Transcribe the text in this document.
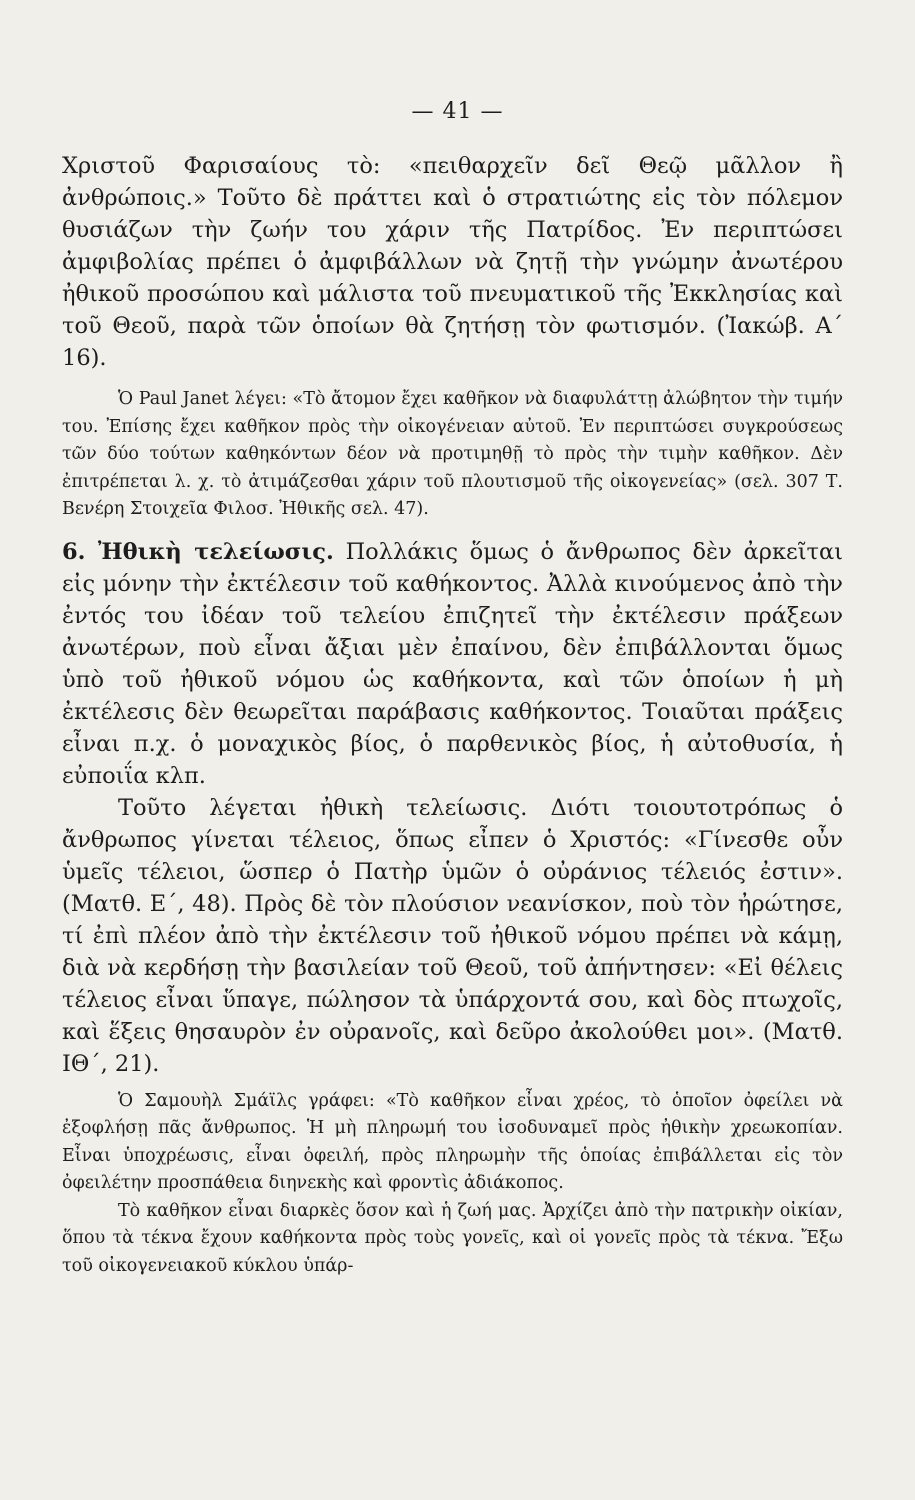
— 41 —

Χριστοῦ Φαρισαίους τὸ: «πειθαρχεῖν δεῖ Θεῷ μᾶλλον ἢ ἀνθρώποις.» Τοῦτο δὲ πράττει καὶ ὁ στρατιώτης εἰς τὸν πόλεμον θυσιάζων τὴν ζωήν του χάριν τῆς Πατρίδος. Ἐν περιπτώσει ἀμφιβολίας πρέπει ὁ ἀμφιβάλλων νὰ ζητῇ τὴν γνώμην ἀνωτέρου ἠθικοῦ προσώπου καὶ μάλιστα τοῦ πνευματικοῦ τῆς Ἐκκλησίας καὶ τοῦ Θεοῦ, παρὰ τῶν ὁποίων θὰ ζητήσῃ τὸν φωτισμόν. (Ἰακώβ. Α΄ 16).

Ὁ Paul Janet λέγει: «Τὸ ἄτομον ἔχει καθῆκον νὰ διαφυλάττῃ ἀλώβητον τὴν τιμήν του. Ἐπίσης ἔχει καθῆκον πρὸς τὴν οἰκογένειαν αὐτοῦ. Ἐν περιπτώσει συγκρούσεως τῶν δύο τούτων καθηκόντων δέον νὰ προτιμηθῇ τὸ πρὸς τὴν τιμὴν καθῆκον. Δὲν ἐπιτρέπεται λ. χ. τὸ ἀτιμάζεσθαι χάριν τοῦ πλουτισμοῦ τῆς οἰκογενείας» (σελ. 307 Τ. Βενέρη Στοιχεῖα Φιλοσ. Ἠθικῆς σελ. 47).

6. Ἠθικὴ τελείωσις. Πολλάκις ὅμως ὁ ἄνθρωπος δὲν ἀρκεῖται εἰς μόνην τὴν ἐκτέλεσιν τοῦ καθήκοντος. Ἀλλὰ κινούμενος ἀπὸ τὴν ἐντός του ἰδέαν τοῦ τελείου ἐπιζητεῖ τὴν ἐκτέλεσιν πράξεων ἀνωτέρων, ποὺ εἶναι ἄξιαι μὲν ἐπαίνου, δὲν ἐπιβάλλονται ὅμως ὑπὸ τοῦ ἠθικοῦ νόμου ὡς καθήκοντα, καὶ τῶν ὁποίων ἡ μὴ ἐκτέλεσις δὲν θεωρεῖται παράβασις καθήκοντος. Τοιαῦται πράξεις εἶναι π.χ. ὁ μοναχικὸς βίος, ὁ παρθενικὸς βίος, ἡ αὐτοθυσία, ἡ εὐποιΐα κλπ.

Τοῦτο λέγεται ἠθικὴ τελείωσις. Διότι τοιουτοτρόπως ὁ ἄνθρωπος γίνεται τέλειος, ὅπως εἶπεν ὁ Χριστός: «Γίνεσθε οὖν ὑμεῖς τέλειοι, ὥσπερ ὁ Πατὴρ ὑμῶν ὁ οὐράνιος τέλειός ἐστιν». (Ματθ. Ε΄, 48). Πρὸς δὲ τὸν πλούσιον νεανίσκον, ποὺ τὸν ἠρώτησε, τί ἐπὶ πλέον ἀπὸ τὴν ἐκτέλεσιν τοῦ ἠθικοῦ νόμου πρέπει νὰ κάμῃ, διὰ νὰ κερδήσῃ τὴν βασιλείαν τοῦ Θεοῦ, τοῦ ἀπήντησεν: «Εἰ θέλεις τέλειος εἶναι ὕπαγε, πώλησον τὰ ὑπάρχοντά σου, καὶ δὸς πτωχοῖς, καὶ ἕξεις θησαυρὸν ἐν οὐρανοῖς, καὶ δεῦρο ἀκολούθει μοι». (Ματθ. ΙΘ΄, 21).

Ὁ Σαμουὴλ Σμάϊλς γράφει: «Τὸ καθῆκον εἶναι χρέος, τὸ ὁποῖον ὀφείλει νὰ ἐξοφλήσῃ πᾶς ἄνθρωπος. Ἡ μὴ πληρωμή του ἰσοδυναμεῖ πρὸς ἠθικὴν χρεωκοπίαν. Εἶναι ὑποχρέωσις, εἶναι ὀφειλή, πρὸς πληρωμὴν τῆς ὁποίας ἐπιβάλλεται εἰς τὸν ὀφειλέτην προσπάθεια διηνεκὴς καὶ φροντὶς ἀδιάκοπος.

Τὸ καθῆκον εἶναι διαρκὲς ὅσον καὶ ἡ ζωή μας. Ἀρχίζει ἀπὸ τὴν πατρικὴν οἰκίαν, ὅπου τὰ τέκνα ἔχουν καθήκοντα πρὸς τοὺς γονεῖς, καὶ οἱ γονεῖς πρὸς τὰ τέκνα. Ἔξω τοῦ οἰκογενειακοῦ κύκλου ὑπάρ-
